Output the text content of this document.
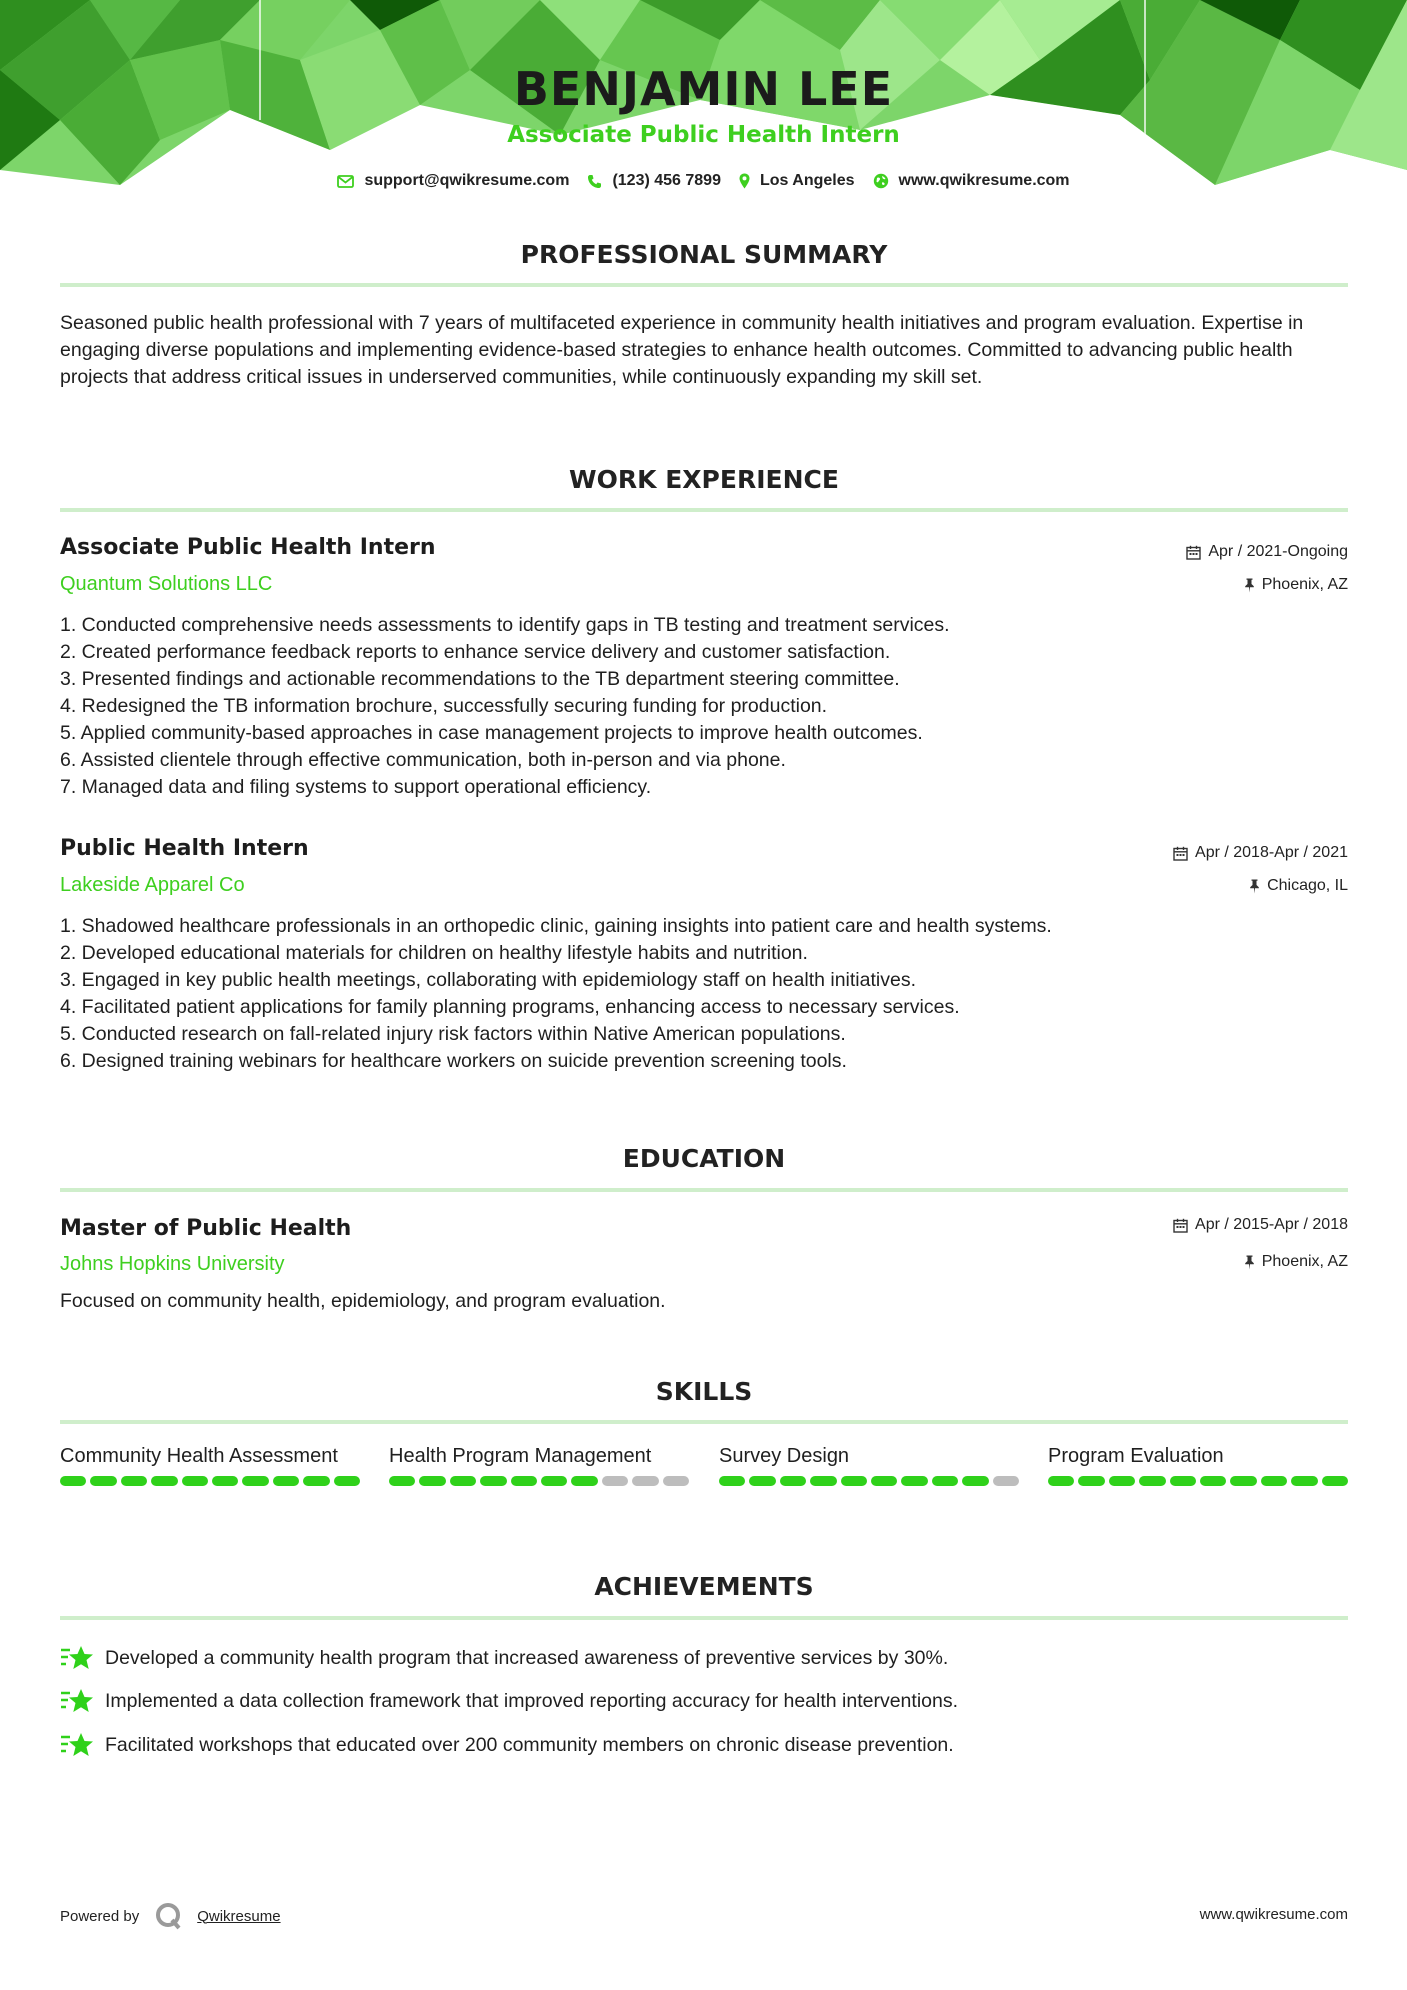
BENJAMIN LEE
Associate Public Health Intern
support@qwikresume.com	(123) 456 7899 Los Angeles	www.qwikresume.com
PROFESSIONAL SUMMARY
Seasoned public health professional with 7 years of multifaceted experience in community health initiatives and program evaluation. Expertise in engaging diverse populations and implementing evidence-based strategies to enhance health outcomes. Committed to advancing public health projects that address critical issues in underserved communities, while continuously expanding my skill set.
WORK EXPERIENCE
Associate Public Health Intern	Apr / 2021-Ongoing
Quantum Solutions LLC	Phoenix, AZ
1. Conducted comprehensive needs assessments to identify gaps in TB testing and treatment services.
2. Created performance feedback reports to enhance service delivery and customer satisfaction.
3. Presented findings and actionable recommendations to the TB department steering committee.
4. Redesigned the TB information brochure, successfully securing funding for production.
5. Applied community-based approaches in case management projects to improve health outcomes.
6. Assisted clientele through effective communication, both in-person and via phone.
7. Managed data and filing systems to support operational efficiency.
Public Health Intern	Apr / 2018-Apr / 2021
Lakeside Apparel Co	Chicago, IL
1. Shadowed healthcare professionals in an orthopedic clinic, gaining insights into patient care and health systems.
2. Developed educational materials for children on healthy lifestyle habits and nutrition.
3. Engaged in key public health meetings, collaborating with epidemiology staff on health initiatives.
4. Facilitated patient applications for family planning programs, enhancing access to necessary services.
5. Conducted research on fall-related injury risk factors within Native American populations.
6. Designed training webinars for healthcare workers on suicide prevention screening tools.
EDUCATION
Master of Public Health	Apr / 2015-Apr / 2018
Johns Hopkins University	Phoenix, AZ
Focused on community health, epidemiology, and program evaluation.
SKILLS
Community Health Assessment	Health Program Management	Survey Design	Program Evaluation
ACHIEVEMENTS
Developed a community health program that increased awareness of preventive services by 30%.
Implemented a data collection framework that improved reporting accuracy for health interventions.
Facilitated workshops that educated over 200 community members on chronic disease prevention.
Powered by	Qwikresume	www.qwikresume.com
